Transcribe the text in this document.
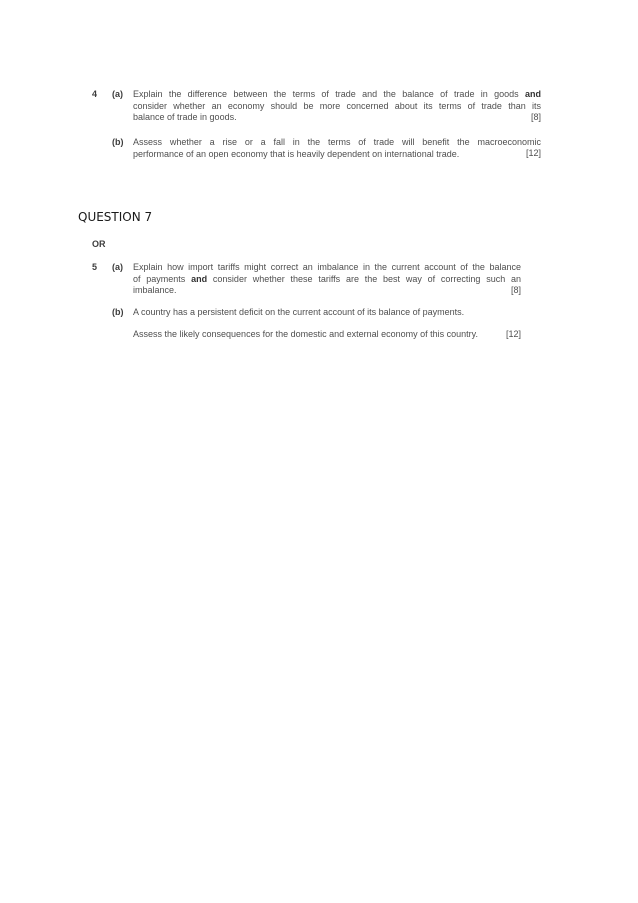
4 (a) Explain the difference between the terms of trade and the balance of trade in goods and
consider whether an economy should be more concerned about its terms of trade than its
balance of trade in goods.	[8]
(b) Assess whether a rise or a fall in the terms of trade will benefit the macroeconomic
performance of an open economy that is heavily dependent on international trade.	[12]
QUESTION 7
OR
5 (a) Explain how import tariffs might correct an imbalance in the current account of the balance
of payments and consider whether these tariffs are the best way of correcting such an
imbalance.	[8]
(b) A country has a persistent deficit on the current account of its balance of payments.
Assess the likely consequences for the domestic and external economy of this country.	[12]
